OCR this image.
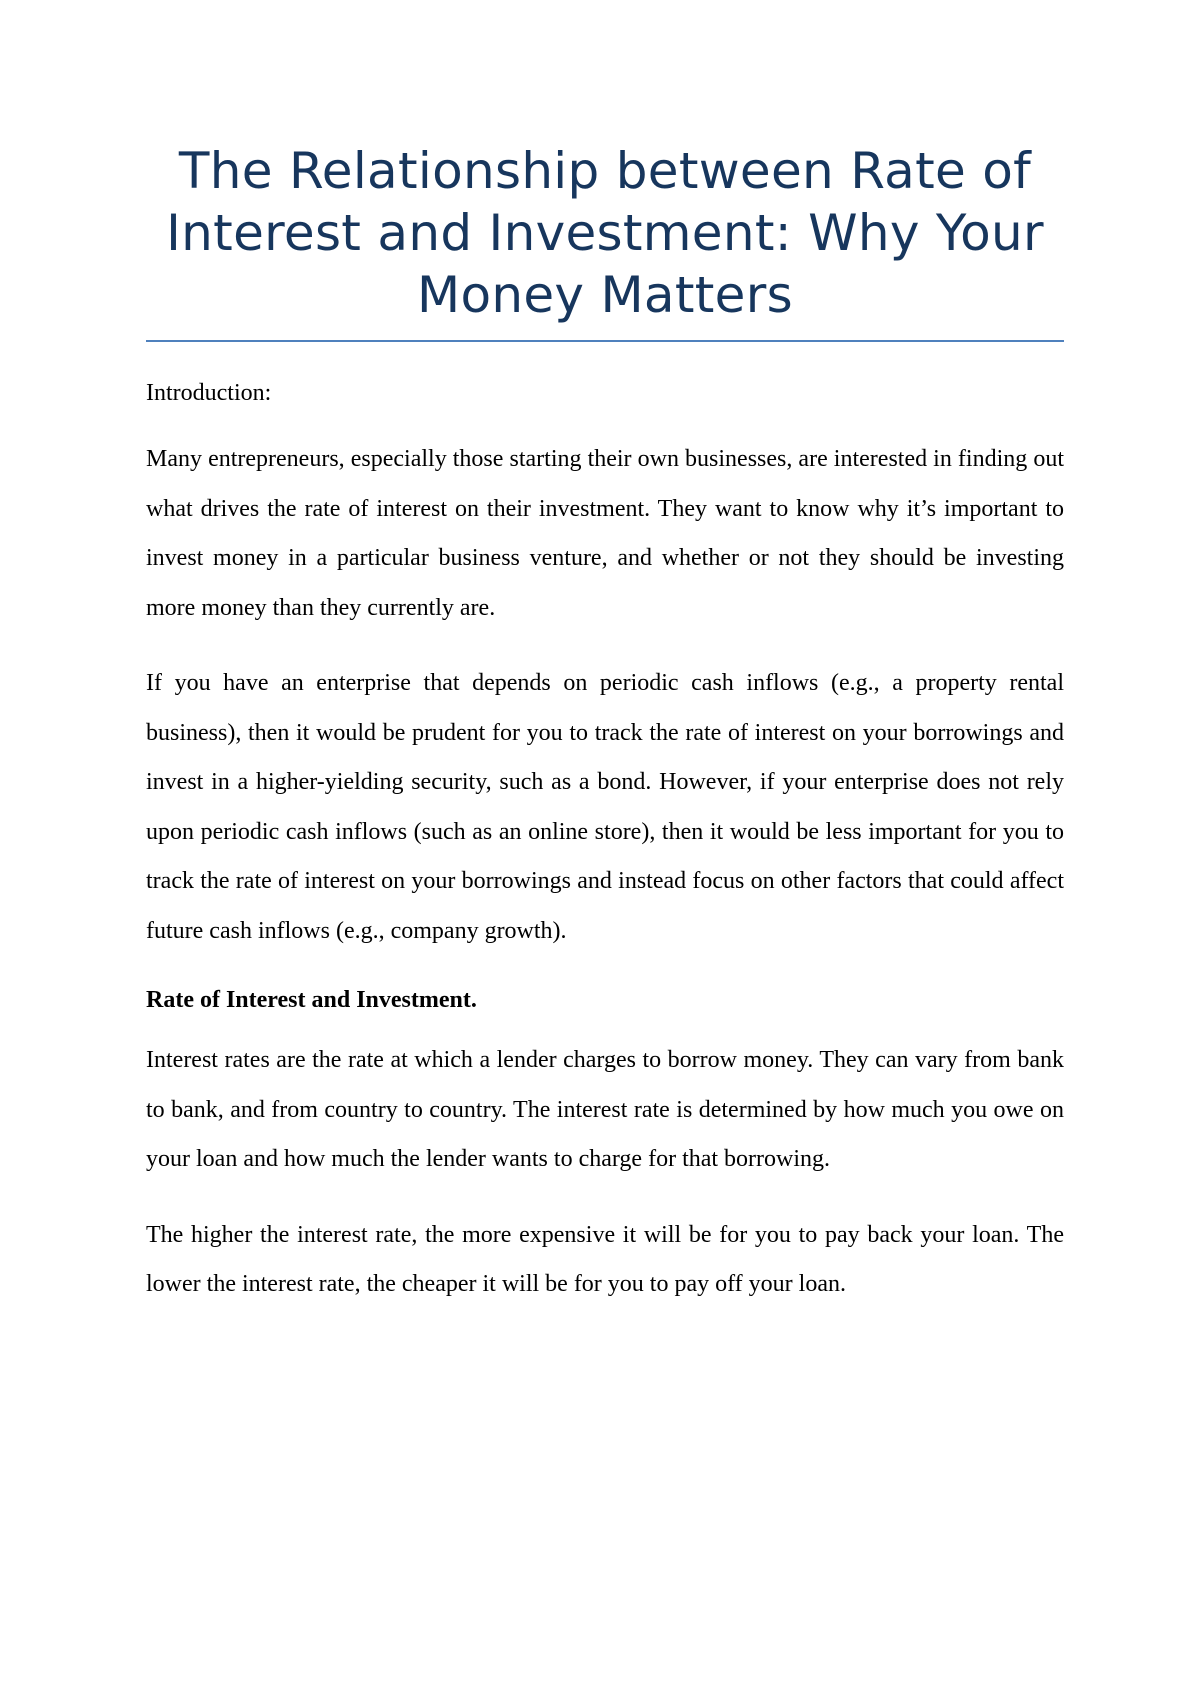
The Relationship between Rate of Interest and Investment: Why Your Money Matters

Introduction:

Many entrepreneurs, especially those starting their own businesses, are interested in finding out what drives the rate of interest on their investment. They want to know why it’s important to invest money in a particular business venture, and whether or not they should be investing more money than they currently are.

If you have an enterprise that depends on periodic cash inflows (e.g., a property rental business), then it would be prudent for you to track the rate of interest on your borrowings and invest in a higher-yielding security, such as a bond. However, if your enterprise does not rely upon periodic cash inflows (such as an online store), then it would be less important for you to track the rate of interest on your borrowings and instead focus on other factors that could affect future cash inflows (e.g., company growth).

Rate of Interest and Investment.

Interest rates are the rate at which a lender charges to borrow money. They can vary from bank to bank, and from country to country. The interest rate is determined by how much you owe on your loan and how much the lender wants to charge for that borrowing.

The higher the interest rate, the more expensive it will be for you to pay back your loan. The lower the interest rate, the cheaper it will be for you to pay off your loan.
